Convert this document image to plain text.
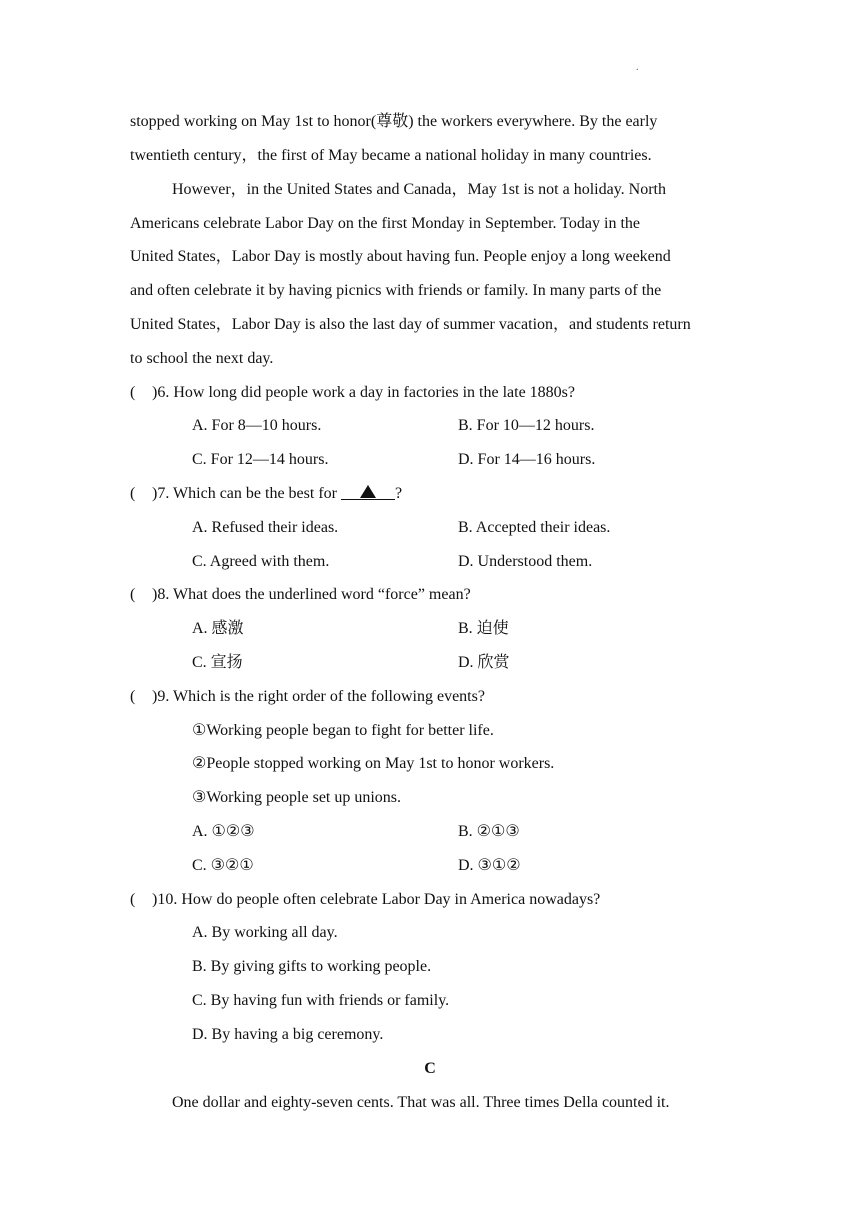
.
stopped working on May 1st to honor(尊敬) the workers everywhere. By the early
twentieth century，the first of May became a national holiday in many countries.
However，in the United States and Canada，May 1st is not a holiday. North
Americans celebrate Labor Day on the first Monday in September. Today in the
United States，Labor Day is mostly about having fun. People enjoy a long weekend
and often celebrate it by having picnics with friends or family. In many parts of the
United States，Labor Day is also the last day of summer vacation，and students return
to school the next day.
( )6. How long did people work a day in factories in the late 1880s?
A. For 8—10 hours.	B. For 10—12 hours.
C. For 12—14 hours.	D. For 14—16 hours.
( )7. Which can be the best for	?
A. Refused their ideas.	B. Accepted their ideas.
C. Agreed with them.	D. Understood them.
( )8. What does the underlined word “force” mean?
A. 感激	B. 迫使
C. 宣扬	D. 欣赏
( )9. Which is the right order of the following events?
①Working people began to fight for better life.
②People stopped working on May 1st to honor workers.
③Working people set up unions.
A. ①②③	B. ②①③
C. ③②①	D. ③①②
( )10. How do people often celebrate Labor Day in America nowadays?
A. By working all day.
B. By giving gifts to working people.
C. By having fun with friends or family.
D. By having a big ceremony.
C
One dollar and eighty-seven cents. That was all. Three times Della counted it.
